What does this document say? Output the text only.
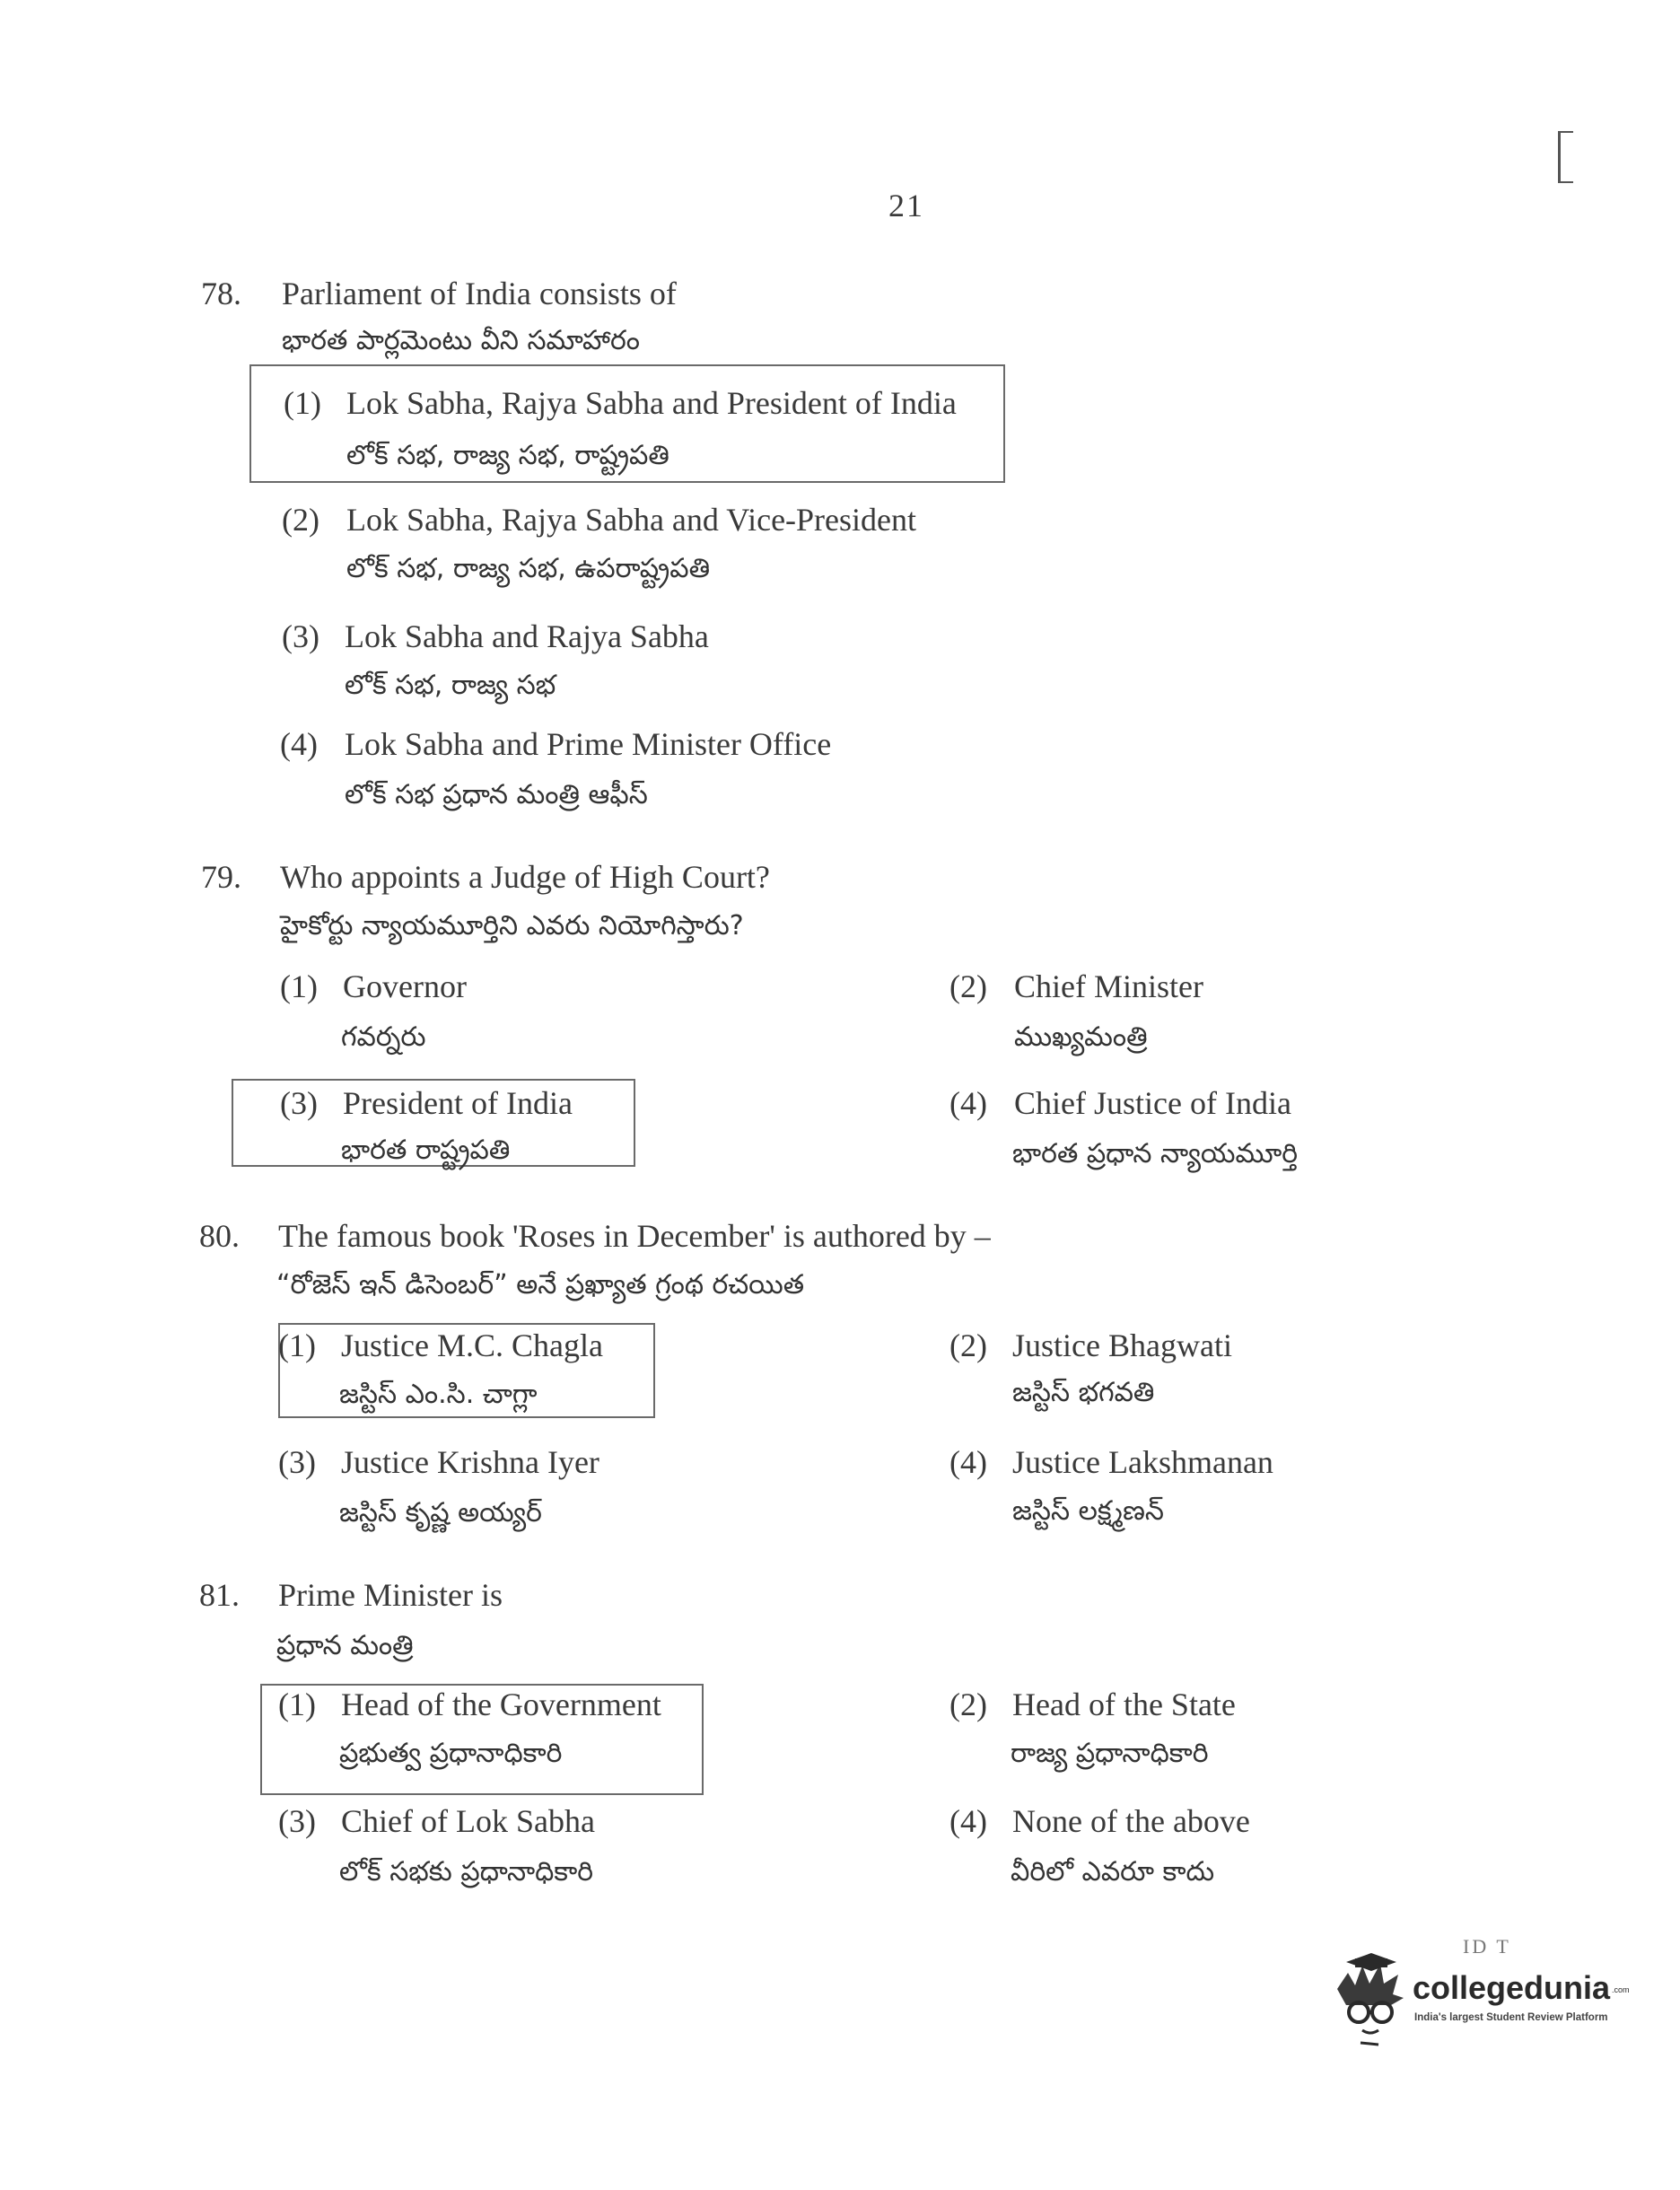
21
78. Parliament of India consists of
భారత పార్లమెంటు వీని సమాహారం
(1) Lok Sabha, Rajya Sabha and President of India
లోక్ సభ, రాజ్య సభ, రాష్ట్రపతి
(2) Lok Sabha, Rajya Sabha and Vice-President
లోక్ సభ, రాజ్య సభ, ఉపరాష్ట్రపతి
(3) Lok Sabha and Rajya Sabha
లోక్ సభ, రాజ్య సభ
(4) Lok Sabha and Prime Minister Office
లోక్ సభ ప్రధాన మంత్రి ఆఫీస్
79. Who appoints a Judge of High Court?
హైకోర్టు న్యాయమూర్తిని ఎవరు నియోగిస్తారు?
(1) Governor
గవర్నరు
(2) Chief Minister
ముఖ్యమంత్రి
(3) President of India
భారత రాష్ట్రపతి
(4) Chief Justice of India
భారత ప్రధాన న్యాయమూర్తి
80. The famous book 'Roses in December' is authored by –
“రోజెస్ ఇన్ డిసెంబర్” అనే ప్రఖ్యాత గ్రంథ రచయిత
(1) Justice M.C. Chagla
జస్టిస్ ఎం.సి. చాగ్లా
(2) Justice Bhagwati
జస్టిస్ భగవతి
(3) Justice Krishna Iyer
జస్టిస్ కృష్ణ అయ్యర్
(4) Justice Lakshmanan
జస్టిస్ లక్ష్మణన్
81. Prime Minister is
ప్రధాన మంత్రి
(1) Head of the Government
ప్రభుత్వ ప్రధానాధికారి
(2) Head of the State
రాజ్య ప్రధానాధికారి
(3) Chief of Lok Sabha
లోక్ సభకు ప్రధానాధికారి
(4) None of the above
వీరిలో ఎవరూ కాదు
ID T
collegedunia .com
India's largest Student Review Platform
